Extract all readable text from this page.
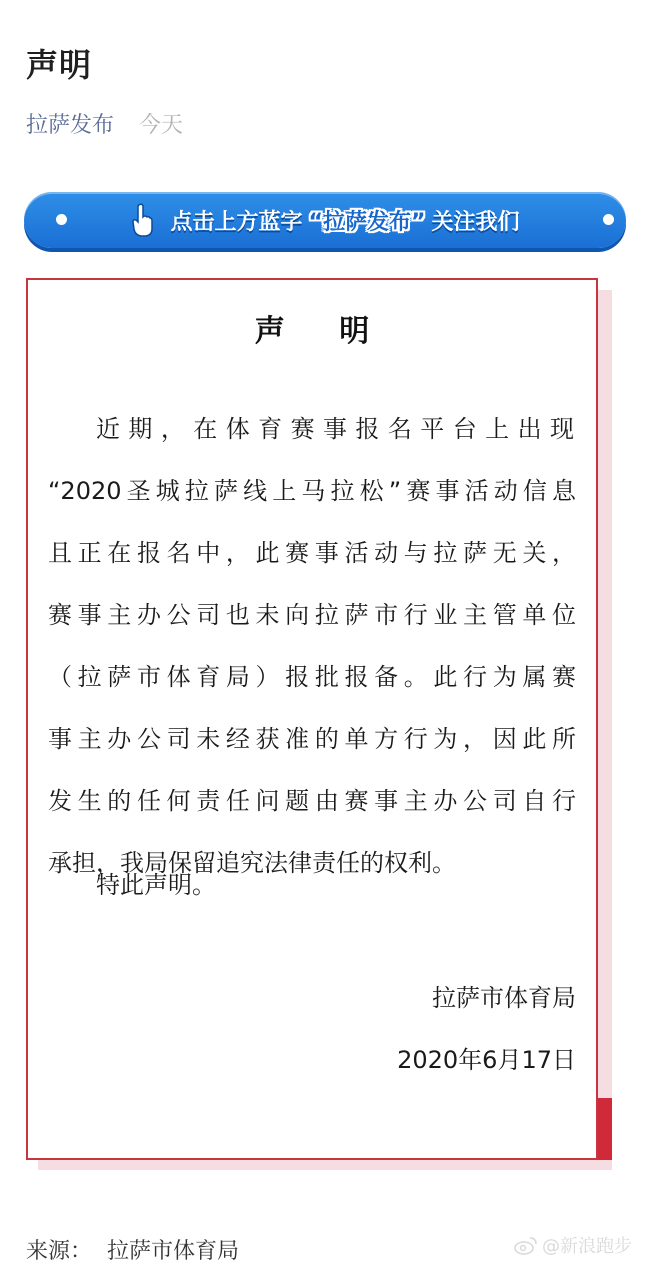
声明
拉萨发布 今天
点击上方蓝字 “拉萨发布” 关注我们
声 明

近期，在体育赛事报名平台上出现

“2020圣城拉萨线上马拉松”赛事活动信息

且正在报名中，此赛事活动与拉萨无关，

赛事主办公司也未向拉萨市行业主管单位

（拉萨市体育局）报批报备。此行为属赛

事主办公司未经获准的单方行为，因此所

发生的任何责任问题由赛事主办公司自行

承担，我局保留追究法律责任的权利。

特此声明。
拉萨市体育局
2020年6月17日
来源： 拉萨市体育局	@新浪跑步
